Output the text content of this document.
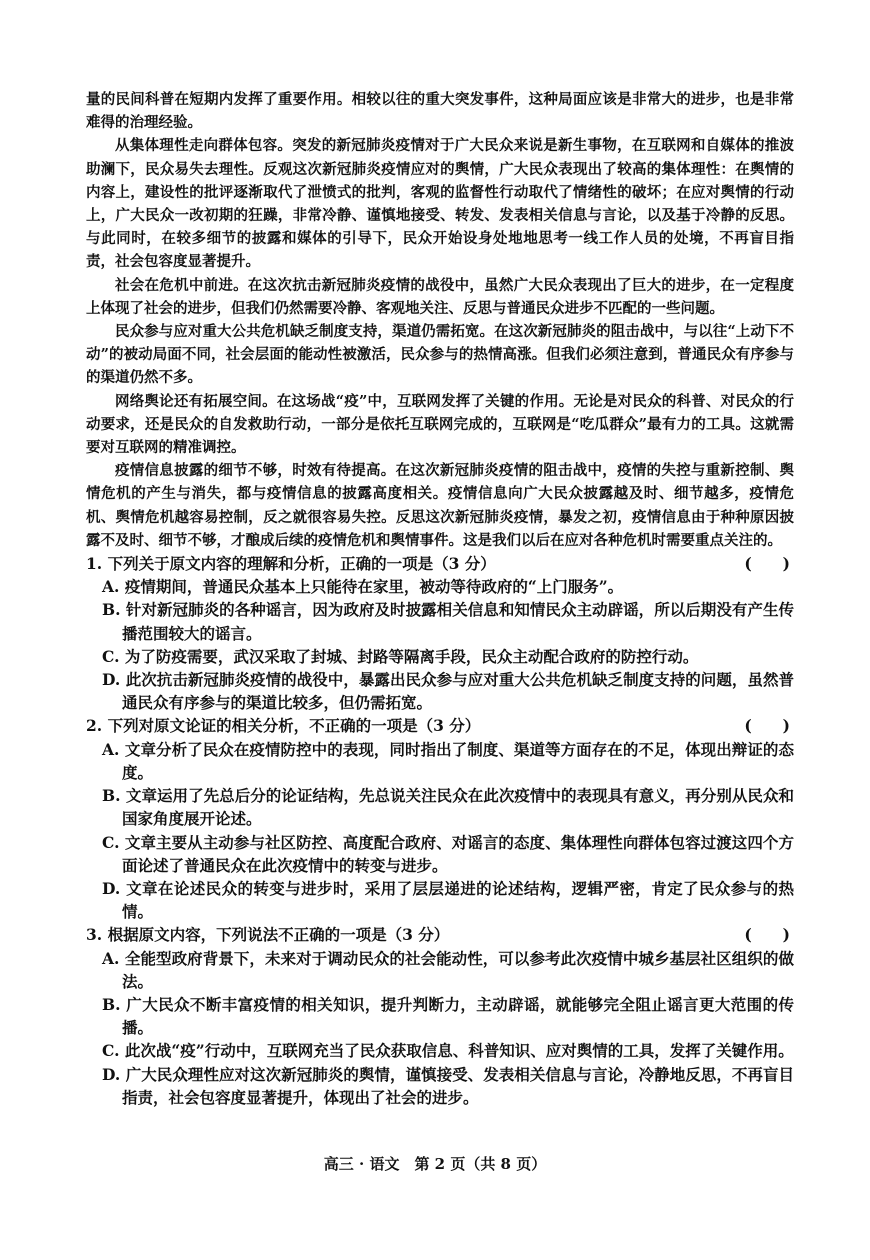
量的民间科普在短期内发挥了重要作用。相较以往的重大突发事件，这种局面应该是非常大的进步，也是非常难得的治理经验。

从集体理性走向群体包容。突发的新冠肺炎疫情对于广大民众来说是新生事物，在互联网和自媒体的推波助澜下，民众易失去理性。反观这次新冠肺炎疫情应对的舆情，广大民众表现出了较高的集体理性：在舆情的内容上，建设性的批评逐渐取代了泄愤式的批判，客观的监督性行动取代了情绪性的破坏；在应对舆情的行动上，广大民众一改初期的狂躁，非常冷静、谨慎地接受、转发、发表相关信息与言论，以及基于冷静的反思。与此同时，在较多细节的披露和媒体的引导下，民众开始设身处地地思考一线工作人员的处境，不再盲目指责，社会包容度显著提升。

社会在危机中前进。在这次抗击新冠肺炎疫情的战役中，虽然广大民众表现出了巨大的进步，在一定程度上体现了社会的进步，但我们仍然需要冷静、客观地关注、反思与普通民众进步不匹配的一些问题。

民众参与应对重大公共危机缺乏制度支持，渠道仍需拓宽。在这次新冠肺炎的阻击战中，与以往“上动下不动”的被动局面不同，社会层面的能动性被激活，民众参与的热情高涨。但我们必须注意到，普通民众有序参与的渠道仍然不多。

网络舆论还有拓展空间。在这场战“疫”中，互联网发挥了关键的作用。无论是对民众的科普、对民众的行动要求，还是民众的自发救助行动，一部分是依托互联网完成的，互联网是“吃瓜群众”最有力的工具。这就需要对互联网的精准调控。

疫情信息披露的细节不够，时效有待提高。在这次新冠肺炎疫情的阻击战中，疫情的失控与重新控制、舆情危机的产生与消失，都与疫情信息的披露高度相关。疫情信息向广大民众披露越及时、细节越多，疫情危机、舆情危机越容易控制，反之就很容易失控。反思这次新冠肺炎疫情，暴发之初，疫情信息由于种种原因披露不及时、细节不够，才酿成后续的疫情危机和舆情事件。这是我们以后在应对各种危机时需要重点关注的。

1. 下列关于原文内容的理解和分析，正确的一项是（3 分）	(　　)

A. 疫情期间，普通民众基本上只能待在家里，被动等待政府的“上门服务”。

B. 针对新冠肺炎的各种谣言，因为政府及时披露相关信息和知情民众主动辟谣，所以后期没有产生传播范围较大的谣言。

C. 为了防疫需要，武汉采取了封城、封路等隔离手段，民众主动配合政府的防控行动。

D. 此次抗击新冠肺炎疫情的战役中，暴露出民众参与应对重大公共危机缺乏制度支持的问题，虽然普通民众有序参与的渠道比较多，但仍需拓宽。

2. 下列对原文论证的相关分析，不正确的一项是（3 分）	(　　)

A. 文章分析了民众在疫情防控中的表现，同时指出了制度、渠道等方面存在的不足，体现出辩证的态度。

B. 文章运用了先总后分的论证结构，先总说关注民众在此次疫情中的表现具有意义，再分别从民众和国家角度展开论述。

C. 文章主要从主动参与社区防控、高度配合政府、对谣言的态度、集体理性向群体包容过渡这四个方面论述了普通民众在此次疫情中的转变与进步。

D. 文章在论述民众的转变与进步时，采用了层层递进的论述结构，逻辑严密，肯定了民众参与的热情。

3. 根据原文内容，下列说法不正确的一项是（3 分）	(　　)

A. 全能型政府背景下，未来对于调动民众的社会能动性，可以参考此次疫情中城乡基层社区组织的做法。

B. 广大民众不断丰富疫情的相关知识，提升判断力，主动辟谣，就能够完全阻止谣言更大范围的传播。

C. 此次战“疫”行动中，互联网充当了民众获取信息、科普知识、应对舆情的工具，发挥了关键作用。

D. 广大民众理性应对这次新冠肺炎的舆情，谨慎接受、发表相关信息与言论，冷静地反思，不再盲目指责，社会包容度显著提升，体现出了社会的进步。

高三 · 语文　第 2 页（共 8 页）
